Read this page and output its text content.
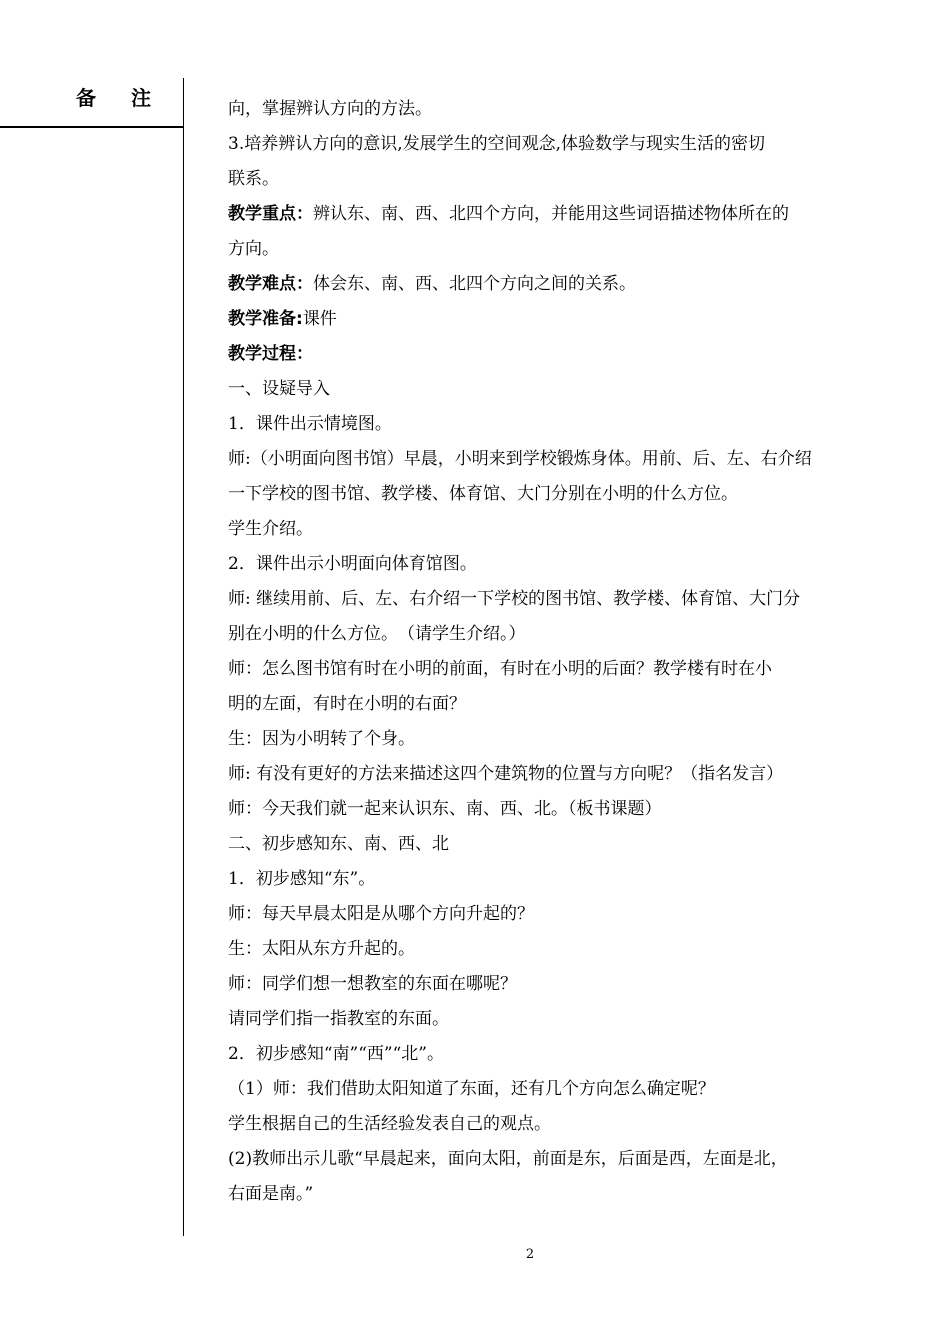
备 注	向，掌握辨认方向的方法。
3.培养辨认方向的意识,发展学生的空间观念,体验数学与现实生活的密切
联系。
教学重点：辨认东、南、西、北四个方向，并能用这些词语描述物体所在的
方向。
教学难点：体会东、南、西、北四个方向之间的关系。
教学准备:课件
教学过程：
一、设疑导入
1．课件出示情境图。
师:（小明面向图书馆）早晨，小明来到学校锻炼身体。用前、后、左、右介绍
一下学校的图书馆、教学楼、体育馆、大门分别在小明的什么方位。
学生介绍。
2．课件出示小明面向体育馆图。
师: 继续用前、后、左、右介绍一下学校的图书馆、教学楼、体育馆、大门分
别在小明的什么方位。　（请学生介绍。）
师：怎么图书馆有时在小明的前面，有时在小明的后面？教学楼有时在小
明的左面，有时在小明的右面？
生：因为小明转了个身。
师: 有没有更好的方法来描述这四个建筑物的位置与方向呢？（指名发言）
师：今天我们就一起来认识东、南、西、北。（板书课题）
二、初步感知东、南、西、北
1．初步感知“东”。
师：每天早晨太阳是从哪个方向升起的？
生：太阳从东方升起的。
师：同学们想一想教室的东面在哪呢？
请同学们指一指教室的东面。
2．初步感知“南”“西”“北”。
（1）师：我们借助太阳知道了东面，还有几个方向怎么确定呢？
学生根据自己的生活经验发表自己的观点。
(2)教师出示儿歌“早晨起来，面向太阳，前面是东，后面是西，左面是北，
右面是南。”
2
